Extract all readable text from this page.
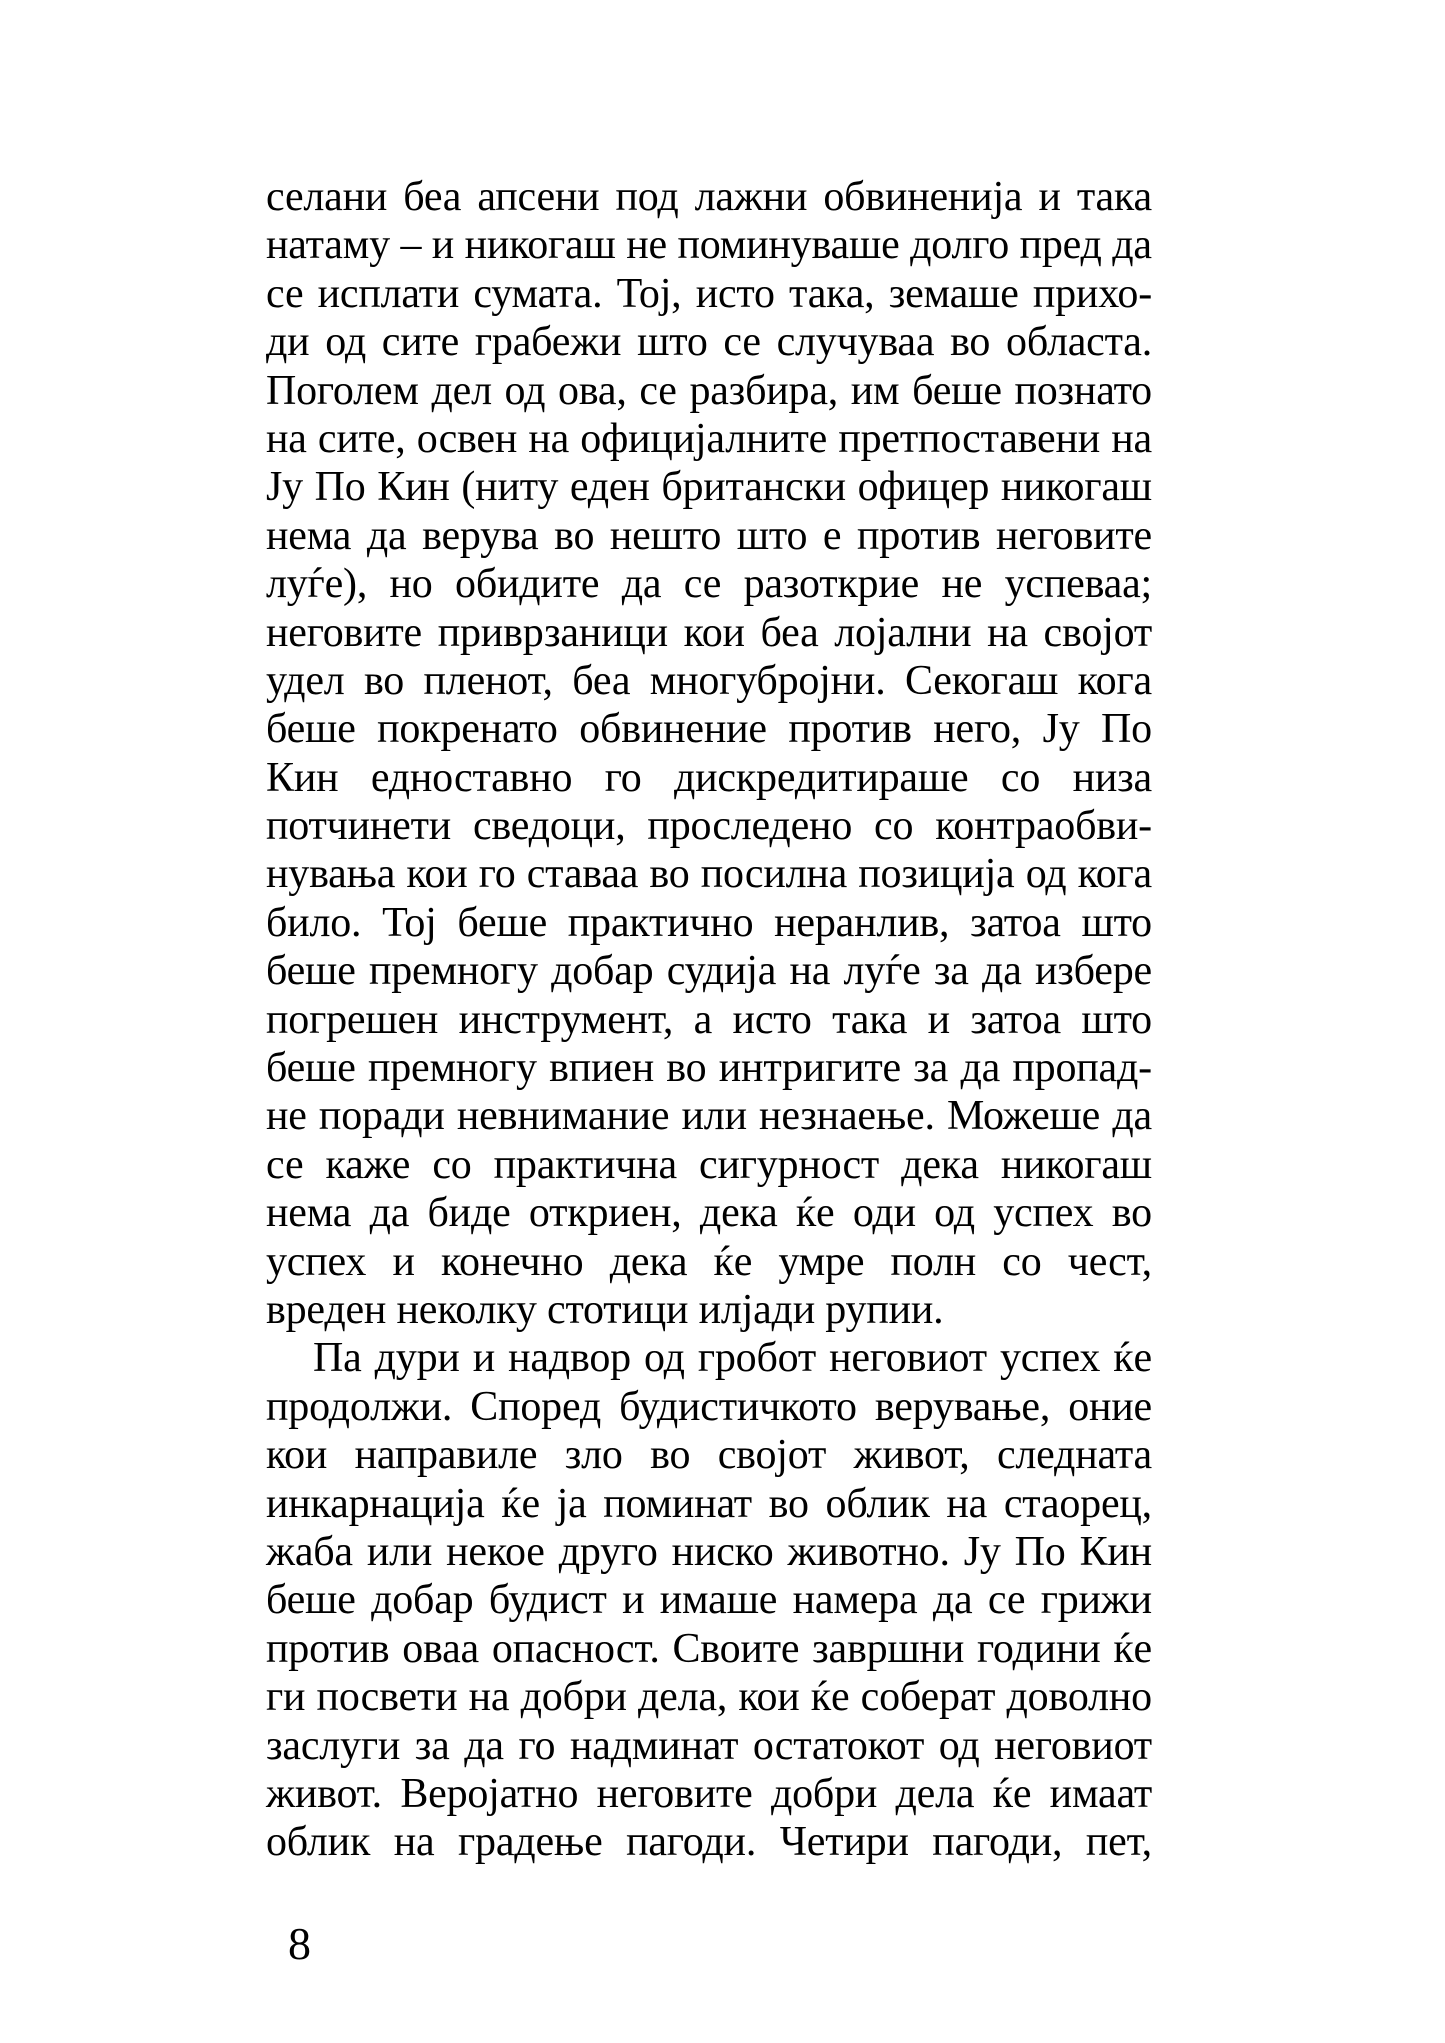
селани беа апсени под лажни обвиненија и така
натаму – и никогаш не поминуваше долго пред да
се исплати сумата. Тој, исто така, земаше прихо-
ди од сите грабежи што се случуваа во областа.
Поголем дел од ова, се разбира, им беше познато
на сите, освен на официјалните претпоставени на
Ју По Кин (ниту еден британски офицер никогаш
нема да верува во нешто што е против неговите
луѓе), но обидите да се разоткрие не успеваа;
неговите приврзаници кои беа лојални на својот
удел во пленот, беа многубројни. Секогаш кога
беше покренато обвинение против него, Ју По
Кин едноставно го дискредитираше со низа
потчинети сведоци, проследено со контраобви-
нувања кои го ставаа во посилна позиција од кога
било. Тој беше практично неранлив, затоа што
беше премногу добар судија на луѓе за да избере
погрешен инструмент, а исто така и затоа што
беше премногу впиен во интригите за да пропад-
не поради невнимание или незнаење. Можеше да
се каже со практична сигурност дека никогаш
нема да биде откриен, дека ќе оди од успех во
успех и конечно дека ќе умре полн со чест,
вреден неколку стотици илјади рупии.
Па дури и надвор од гробот неговиот успех ќе
продолжи. Според будистичкото верување, оние
кои направиле зло во својот живот, следната
инкарнација ќе ја поминат во облик на стаорец,
жаба или некое друго ниско животно. Ју По Кин
беше добар будист и имаше намера да се грижи
против оваа опасност. Своите завршни години ќе
ги посвети на добри дела, кои ќе соберат доволно
заслуги за да го надминат остатокот од неговиот
живот. Веројатно неговите добри дела ќе имаат
облик на градење пагоди. Четири пагоди, пет,
8
